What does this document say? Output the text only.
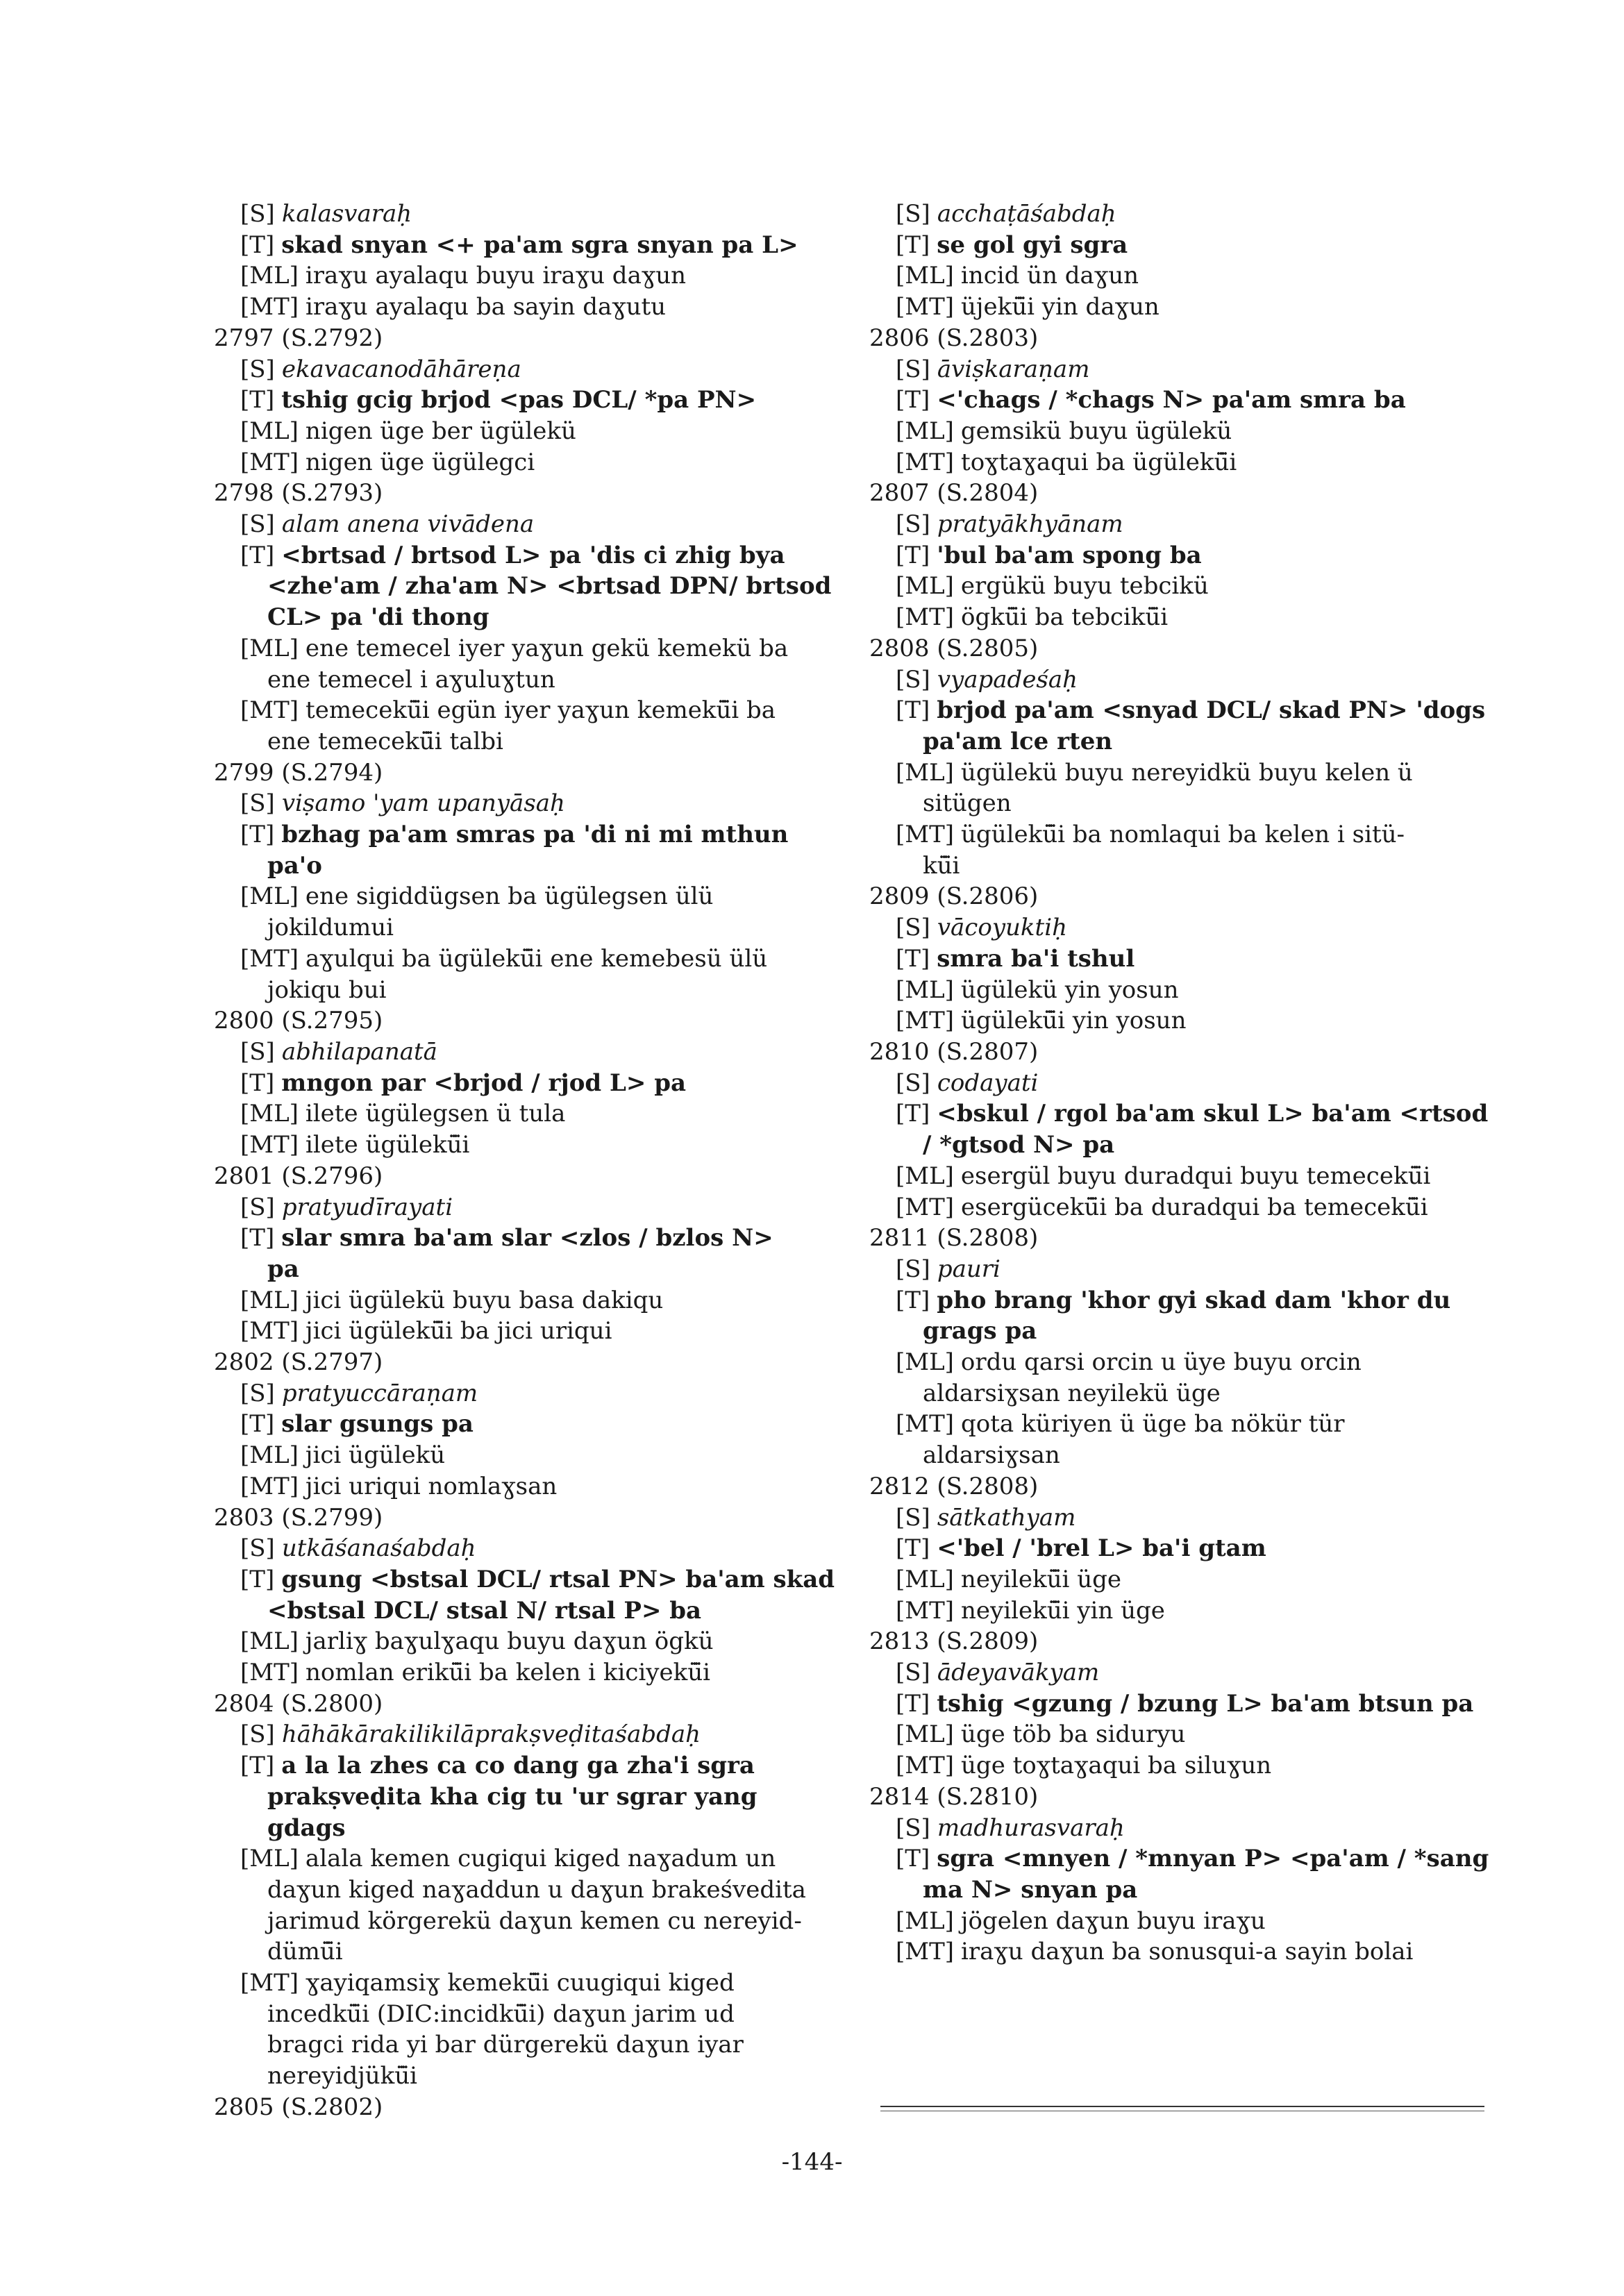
[S] kalasvaraḥ
[T] skad snyan <+ pa'am sgra snyan pa L>
[ML] iraɣu ayalaqu buyu iraɣu daɣun
[MT] iraɣu ayalaqu ba sayin daɣutu
2797 (S.2792)
[S] ekavacanodāhāreṇa
[T] tshig gcig brjod <pas DCL/ *pa PN>
[ML] nigen üge ber ügülekü
[MT] nigen üge ügülegci
2798 (S.2793)
[S] alam anena vivādena
[T] <brtsad / brtsod L> pa 'dis ci zhig bya
<zhe'am / zha'am N> <brtsad DPN/ brtsod
CL> pa 'di thong
[ML] ene temecel iyer yaɣun gekü kemekü ba
ene temecel i aɣuluɣtun
[MT] temecekü̈i egün iyer yaɣun kemekü̈i ba
ene temecekü̈i talbi
2799 (S.2794)
[S] viṣamo 'yam upanyāsaḥ
[T] bzhag pa'am smras pa 'di ni mi mthun
pa'o
[ML] ene sigiddügsen ba ügülegsen ülü
jokildumui
[MT] aɣulqui ba ügülekü̈i ene kemebesü ülü
jokiqu bui
2800 (S.2795)
[S] abhilapanatā
[T] mngon par <brjod / rjod L> pa
[ML] ilete ügülegsen ü tula
[MT] ilete ügülekü̈i
2801 (S.2796)
[S] pratyudīrayati
[T] slar smra ba'am slar <zlos / bzlos N>
pa
[ML] jici ügülekü buyu basa dakiqu
[MT] jici ügülekü̈i ba jici uriqui
2802 (S.2797)
[S] pratyuccāraṇam
[T] slar gsungs pa
[ML] jici ügülekü
[MT] jici uriqui nomlaɣsan
2803 (S.2799)
[S] utkāśanaśabdaḥ
[T] gsung <bstsal DCL/ rtsal PN> ba'am skad
<bstsal DCL/ stsal N/ rtsal P> ba
[ML] jarliɣ baɣulɣaqu buyu daɣun ögkü
[MT] nomlan erikü̈i ba kelen i kiciyekü̈i
2804 (S.2800)
[S] hāhākārakilikilāprakṣveḍitaśabdaḥ
[T] a la la zhes ca co dang ga zha'i sgra
prakṣveḍita kha cig tu 'ur sgrar yang
gdags
[ML] alala kemen cugiqui kiged naɣadum un
daɣun kiged naɣaddun u daɣun brakeśvedita
jarimud körgerekü daɣun kemen cu nereyid-
dümü̈i
[MT] ɣayiqamsiɣ kemekü̈i cuugiqui kiged
incedkü̈i (DIC:incidkü̈i) daɣun jarim ud
bragci rida yi bar dürgerekü daɣun iyar
nereyidjükü̈i
2805 (S.2802)
[S] acchaṭāśabdaḥ
[T] se gol gyi sgra
[ML] incid ün daɣun
[MT] üjekü̈i yin daɣun
2806 (S.2803)
[S] āviṣkaraṇam
[T] <'chags / *chags N> pa'am smra ba
[ML] gemsikü buyu ügülekü
[MT] toɣtaɣaqui ba ügülekü̈i
2807 (S.2804)
[S] pratyākhyānam
[T] 'bul ba'am spong ba
[ML] ergükü buyu tebcikü
[MT] ögkü̈i ba tebcikü̈i
2808 (S.2805)
[S] vyapadeśaḥ
[T] brjod pa'am <snyad DCL/ skad PN> 'dogs
pa'am lce rten
[ML] ügülekü buyu nereyidkü buyu kelen ü
sitügen
[MT] ügülekü̈i ba nomlaqui ba kelen i sitü-
kü̈i
2809 (S.2806)
[S] vācoyuktiḥ
[T] smra ba'i tshul
[ML] ügülekü yin yosun
[MT] ügülekü̈i yin yosun
2810 (S.2807)
[S] codayati
[T] <bskul / rgol ba'am skul L> ba'am <rtsod
/ *gtsod N> pa
[ML] esergül buyu duradqui buyu temecekü̈i
[MT] esergücekü̈i ba duradqui ba temecekü̈i
2811 (S.2808)
[S] pauri
[T] pho brang 'khor gyi skad dam 'khor du
grags pa
[ML] ordu qarsi orcin u üye buyu orcin
aldarsiɣsan neyilekü üge
[MT] qota küriyen ü üge ba nökür tür
aldarsiɣsan
2812 (S.2808)
[S] sātkathyam
[T] <'bel / 'brel L> ba'i gtam
[ML] neyilekü̈i üge
[MT] neyilekü̈i yin üge
2813 (S.2809)
[S] ādeyavākyam
[T] tshig <gzung / bzung L> ba'am btsun pa
[ML] üge töb ba siduryu
[MT] üge toɣtaɣaqui ba siluɣun
2814 (S.2810)
[S] madhurasvaraḥ
[T] sgra <mnyen / *mnyan P> <pa'am / *sang
ma N> snyan pa
[ML] jögelen daɣun buyu iraɣu
[MT] iraɣu daɣun ba sonusqui-a sayin bolai
-144-
